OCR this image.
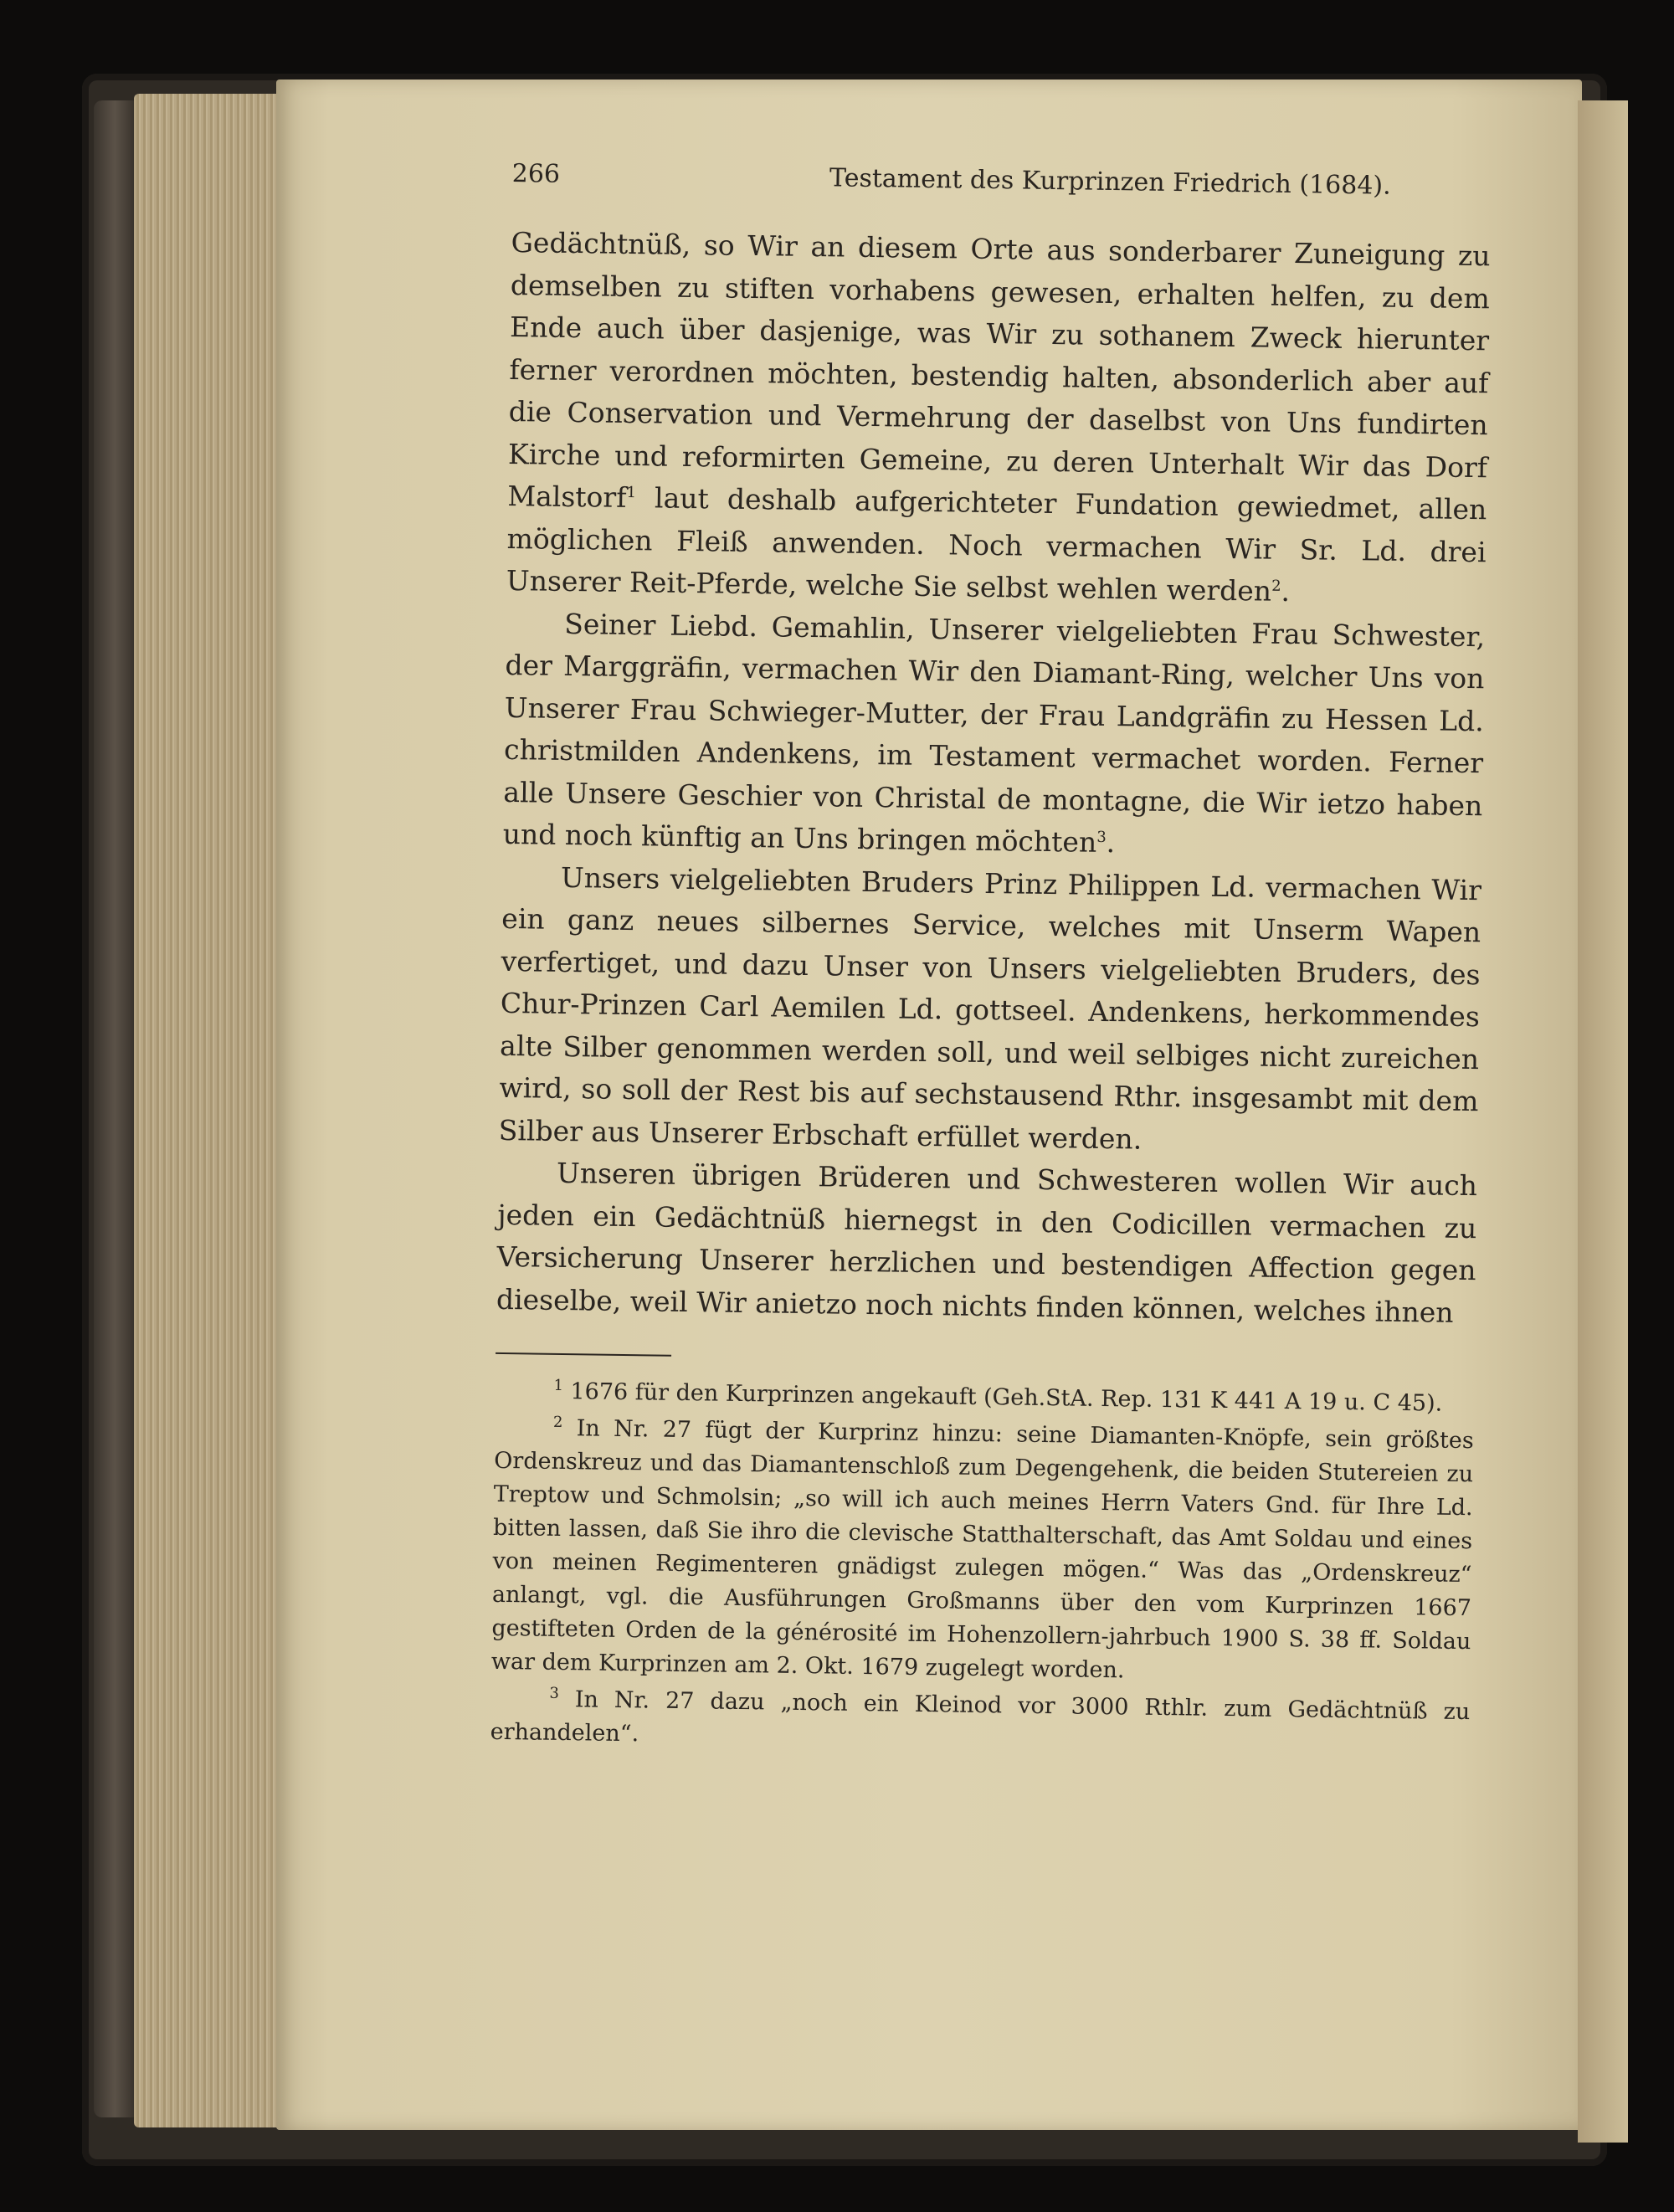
266	Testament des Kurprinzen Friedrich (1684).

Gedächtnüß, so Wir an diesem Orte aus sonderbarer Zuneigung zu demselben zu stiften vorhabens gewesen, erhalten helfen, zu dem Ende auch über dasjenige, was Wir zu sothanem Zweck hierunter ferner verordnen möchten, bestendig halten, absonderlich aber auf die Conservation und Vermehrung der daselbst von Uns fundirten Kirche und reformirten Gemeine, zu deren Unterhalt Wir das Dorf Malstorf$^1$ laut deshalb aufgerichteter Fundation gewiedmet, allen möglichen Fleiß anwenden. Noch vermachen Wir Sr. Ld. drei Unserer Reit-Pferde, welche Sie selbst wehlen werden$^2$.

Seiner Liebd. Gemahlin, Unserer vielgeliebten Frau Schwester, der Marggräfin, vermachen Wir den Diamant-Ring, welcher Uns von Unserer Frau Schwieger-Mutter, der Frau Landgräfin zu Hessen Ld. christmilden Andenkens, im Testament vermachet worden. Ferner alle Unsere Geschier von Christal de montagne, die Wir ietzo haben und noch künftig an Uns bringen möchten$^3$.

Unsers vielgeliebten Bruders Prinz Philippen Ld. vermachen Wir ein ganz neues silbernes Service, welches mit Unserm Wapen verfertiget, und dazu Unser von Unsers vielgeliebten Bruders, des Chur-Prinzen Carl Aemilen Ld. gottseel. Andenkens, herkommendes alte Silber genommen werden soll, und weil selbiges nicht zureichen wird, so soll der Rest bis auf sechstausend Rthr. insgesambt mit dem Silber aus Unserer Erbschaft erfüllet werden.

Unseren übrigen Brüderen und Schwesteren wollen Wir auch jeden ein Gedächtnüß hiernegst in den Codicillen vermachen zu Versicherung Unserer herzlichen und bestendigen Affection gegen dieselbe, weil Wir anietzo noch nichts finden können, welches ihnen

$^1$ 1676 für den Kurprinzen angekauft (Geh.StA. Rep. 131 K 441 A 19 u. C 45).

$^2$ In Nr. 27 fügt der Kurprinz hinzu: seine Diamanten-Knöpfe, sein größtes Ordenskreuz und das Diamantenschloß zum Degengehenk, die beiden Stutereien zu Treptow und Schmolsin; „so will ich auch meines Herrn Vaters Gnd. für Ihre Ld. bitten lassen, daß Sie ihro die clevische Statthalterschaft, das Amt Soldau und eines von meinen Regimenteren gnädigst zulegen mögen.“ Was das „Ordenskreuz“ anlangt, vgl. die Ausführungen Großmanns über den vom Kurprinzen 1667 gestifteten Orden de la générosité im Hohenzollern-jahrbuch 1900 S. 38 ff. Soldau war dem Kurprinzen am 2. Okt. 1679 zugelegt worden.

$^3$ In Nr. 27 dazu „noch ein Kleinod vor 3000 Rthlr. zum Gedächtnüß zu erhandelen“.
